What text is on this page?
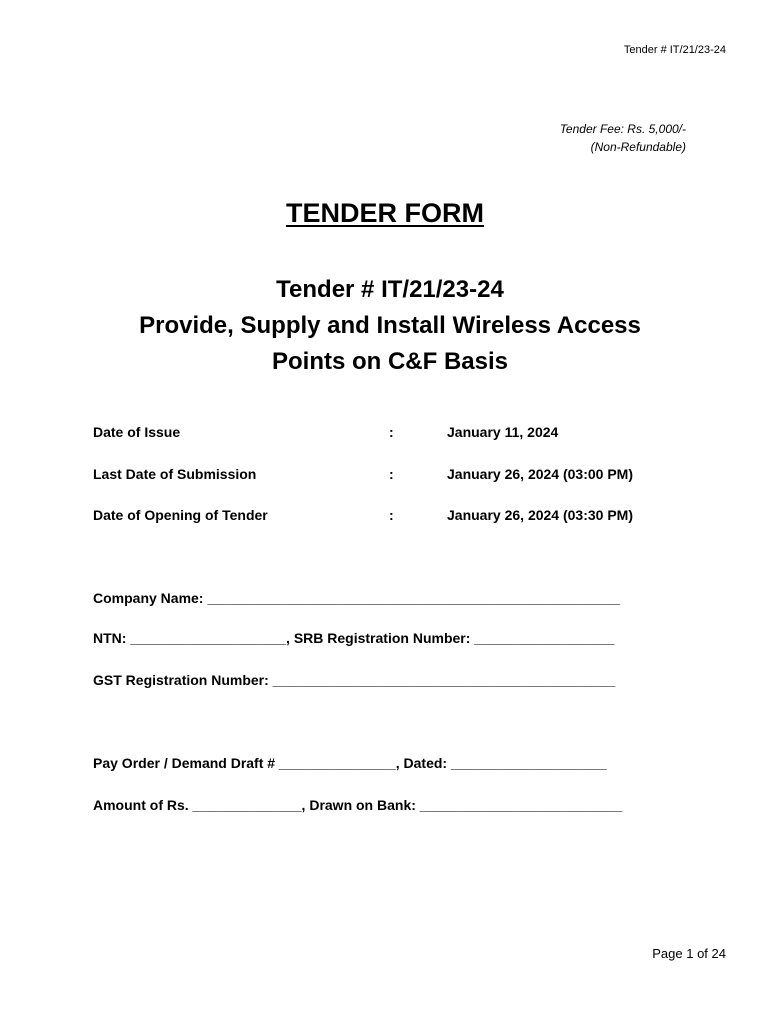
Tender # IT/21/23-24
Tender Fee: Rs. 5,000/-
(Non-Refundable)
TENDER FORM
Tender # IT/21/23-24
Provide, Supply and Install Wireless Access
Points on C&F Basis
Date of Issue	:	January 11, 2024
Last Date of Submission	:	January 26, 2024 (03:00 PM)
Date of Opening of Tender	:	January 26, 2024 (03:30 PM)
Company Name: _____________________________________________________
NTN: ____________________, SRB Registration Number: __________________
GST Registration Number: ____________________________________________
Pay Order / Demand Draft # _______________, Dated: ____________________
Amount of Rs. ______________, Drawn on Bank: __________________________
Page 1 of 24
